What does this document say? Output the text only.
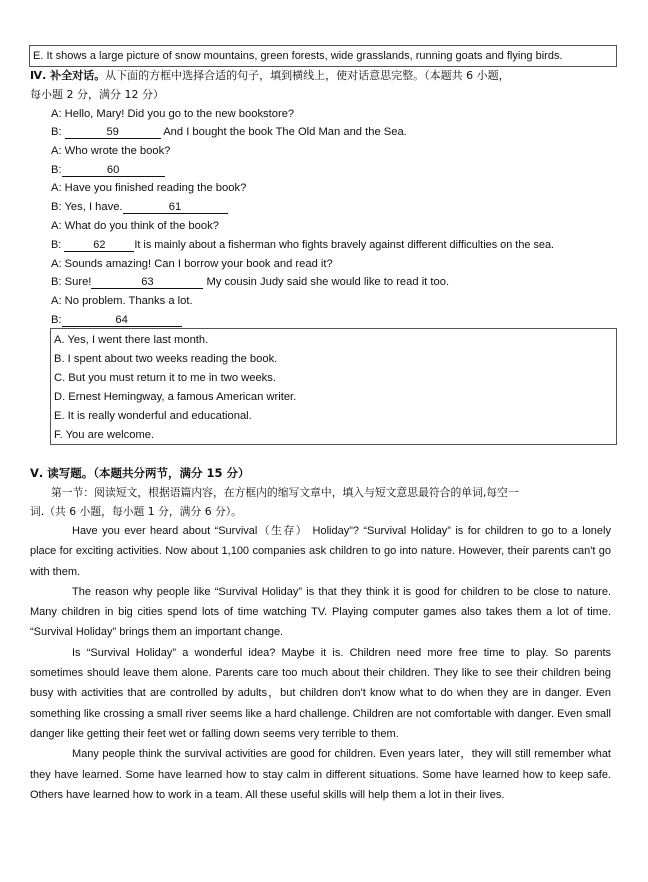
E. It shows a large picture of snow mountains, green forests, wide grasslands, running goats and flying birds.
Ⅳ. 补全对话。从下面的方框中选择合适的句子，填到横线上，使对话意思完整。（本题共 6 小题，
每小题 2 分，满分 12 分）
A: Hello, Mary! Did you go to the new bookstore?
B:	59	And I bought the book The Old Man and the Sea.
A: Who wrote the book?
B:	60
A: Have you finished reading the book?
B: Yes, I have.	61
A: What do you think of the book?
B:	62	It is mainly about a fisherman who fights bravely against different difficulties on the sea.
A: Sounds amazing! Can I borrow your book and read it?
B: Sure!	63	My cousin Judy said she would like to read it too.
A: No problem. Thanks a lot.
B:	64
A. Yes, I went there last month.
B. I spent about two weeks reading the book.
C. But you must return it to me in two weeks.
D. Ernest Hemingway, a famous American writer.
E. It is really wonderful and educational.
F. You are welcome.
Ⅴ. 读写题。（本题共分两节，满分 15 分）
第一节：阅读短文，根据语篇内容，在方框内的缩写文章中，填入与短文意思最符合的单词,每空一
词.（共 6 小题，每小题 1 分，满分 6 分）。

Have you ever heard about “Survival（生存） Holiday”? “Survival Holiday” is for children to go to a lonely place for exciting activities. Now about 1,100 companies ask children to go into nature. However, their parents can't go with them.

The reason why people like “Survival Holiday” is that they think it is good for children to be close to nature. Many children in big cities spend lots of time watching TV. Playing computer games also takes them a lot of time. “Survival Holiday” brings them an important change.

Is “Survival Holiday” a wonderful idea? Maybe it is. Children need more free time to play. So parents sometimes should leave them alone. Parents care too much about their children. They like to see their children being busy with activities that are controlled by adults，but children don't know what to do when they are in danger. Even something like crossing a small river seems like a hard challenge. Children are not comfortable with danger. Even small danger like getting their feet wet or falling down seems very terrible to them.

Many people think the survival activities are good for children. Even years later，they will still remember what they have learned. Some have learned how to stay calm in different situations. Some have learned how to keep safe. Others have learned how to work in a team. All these useful skills will help them a lot in their lives.
